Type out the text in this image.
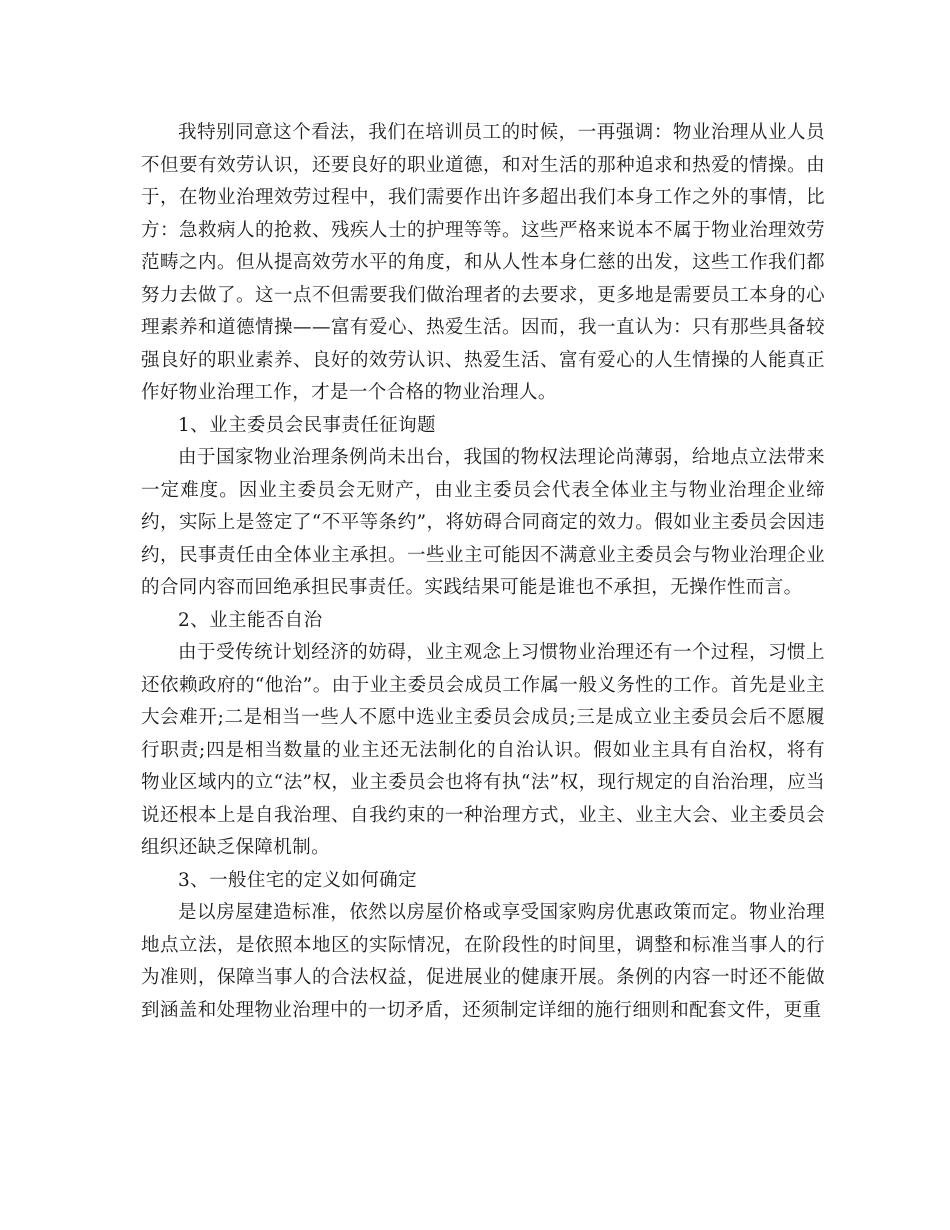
我特别同意这个看法，我们在培训员工的时候，一再强调：物业治理从业人员不但要有效劳认识，还要良好的职业道德，和对生活的那种追求和热爱的情操。由于，在物业治理效劳过程中，我们需要作出许多超出我们本身工作之外的事情，比方：急救病人的抢救、残疾人士的护理等等。这些严格来说本不属于物业治理效劳范畴之内。但从提高效劳水平的角度，和从人性本身仁慈的出发，这些工作我们都努力去做了。这一点不但需要我们做治理者的去要求，更多地是需要员工本身的心理素养和道德情操——富有爱心、热爱生活。因而，我一直认为：只有那些具备较强良好的职业素养、良好的效劳认识、热爱生活、富有爱心的人生情操的人能真正作好物业治理工作，才是一个合格的物业治理人。

1、业主委员会民事责任征询题

由于国家物业治理条例尚未出台，我国的物权法理论尚薄弱，给地点立法带来一定难度。因业主委员会无财产，由业主委员会代表全体业主与物业治理企业缔约，实际上是签定了“不平等条约”，将妨碍合同商定的效力。假如业主委员会因违约，民事责任由全体业主承担。一些业主可能因不满意业主委员会与物业治理企业的合同内容而回绝承担民事责任。实践结果可能是谁也不承担，无操作性而言。

2、业主能否自治

由于受传统计划经济的妨碍，业主观念上习惯物业治理还有一个过程，习惯上还依赖政府的“他治”。由于业主委员会成员工作属一般义务性的工作。首先是业主大会难开;二是相当一些人不愿中选业主委员会成员;三是成立业主委员会后不愿履行职责;四是相当数量的业主还无法制化的自治认识。假如业主具有自治权，将有物业区域内的立“法”权，业主委员会也将有执“法”权，现行规定的自治治理，应当说还根本上是自我治理、自我约束的一种治理方式，业主、业主大会、业主委员会组织还缺乏保障机制。

3、一般住宅的定义如何确定

是以房屋建造标准，依然以房屋价格或享受国家购房优惠政策而定。物业治理地点立法，是依照本地区的实际情况，在阶段性的时间里，调整和标准当事人的行为准则，保障当事人的合法权益，促进展业的健康开展。条例的内容一时还不能做到涵盖和处理物业治理中的一切矛盾，还须制定详细的施行细则和配套文件，更重
